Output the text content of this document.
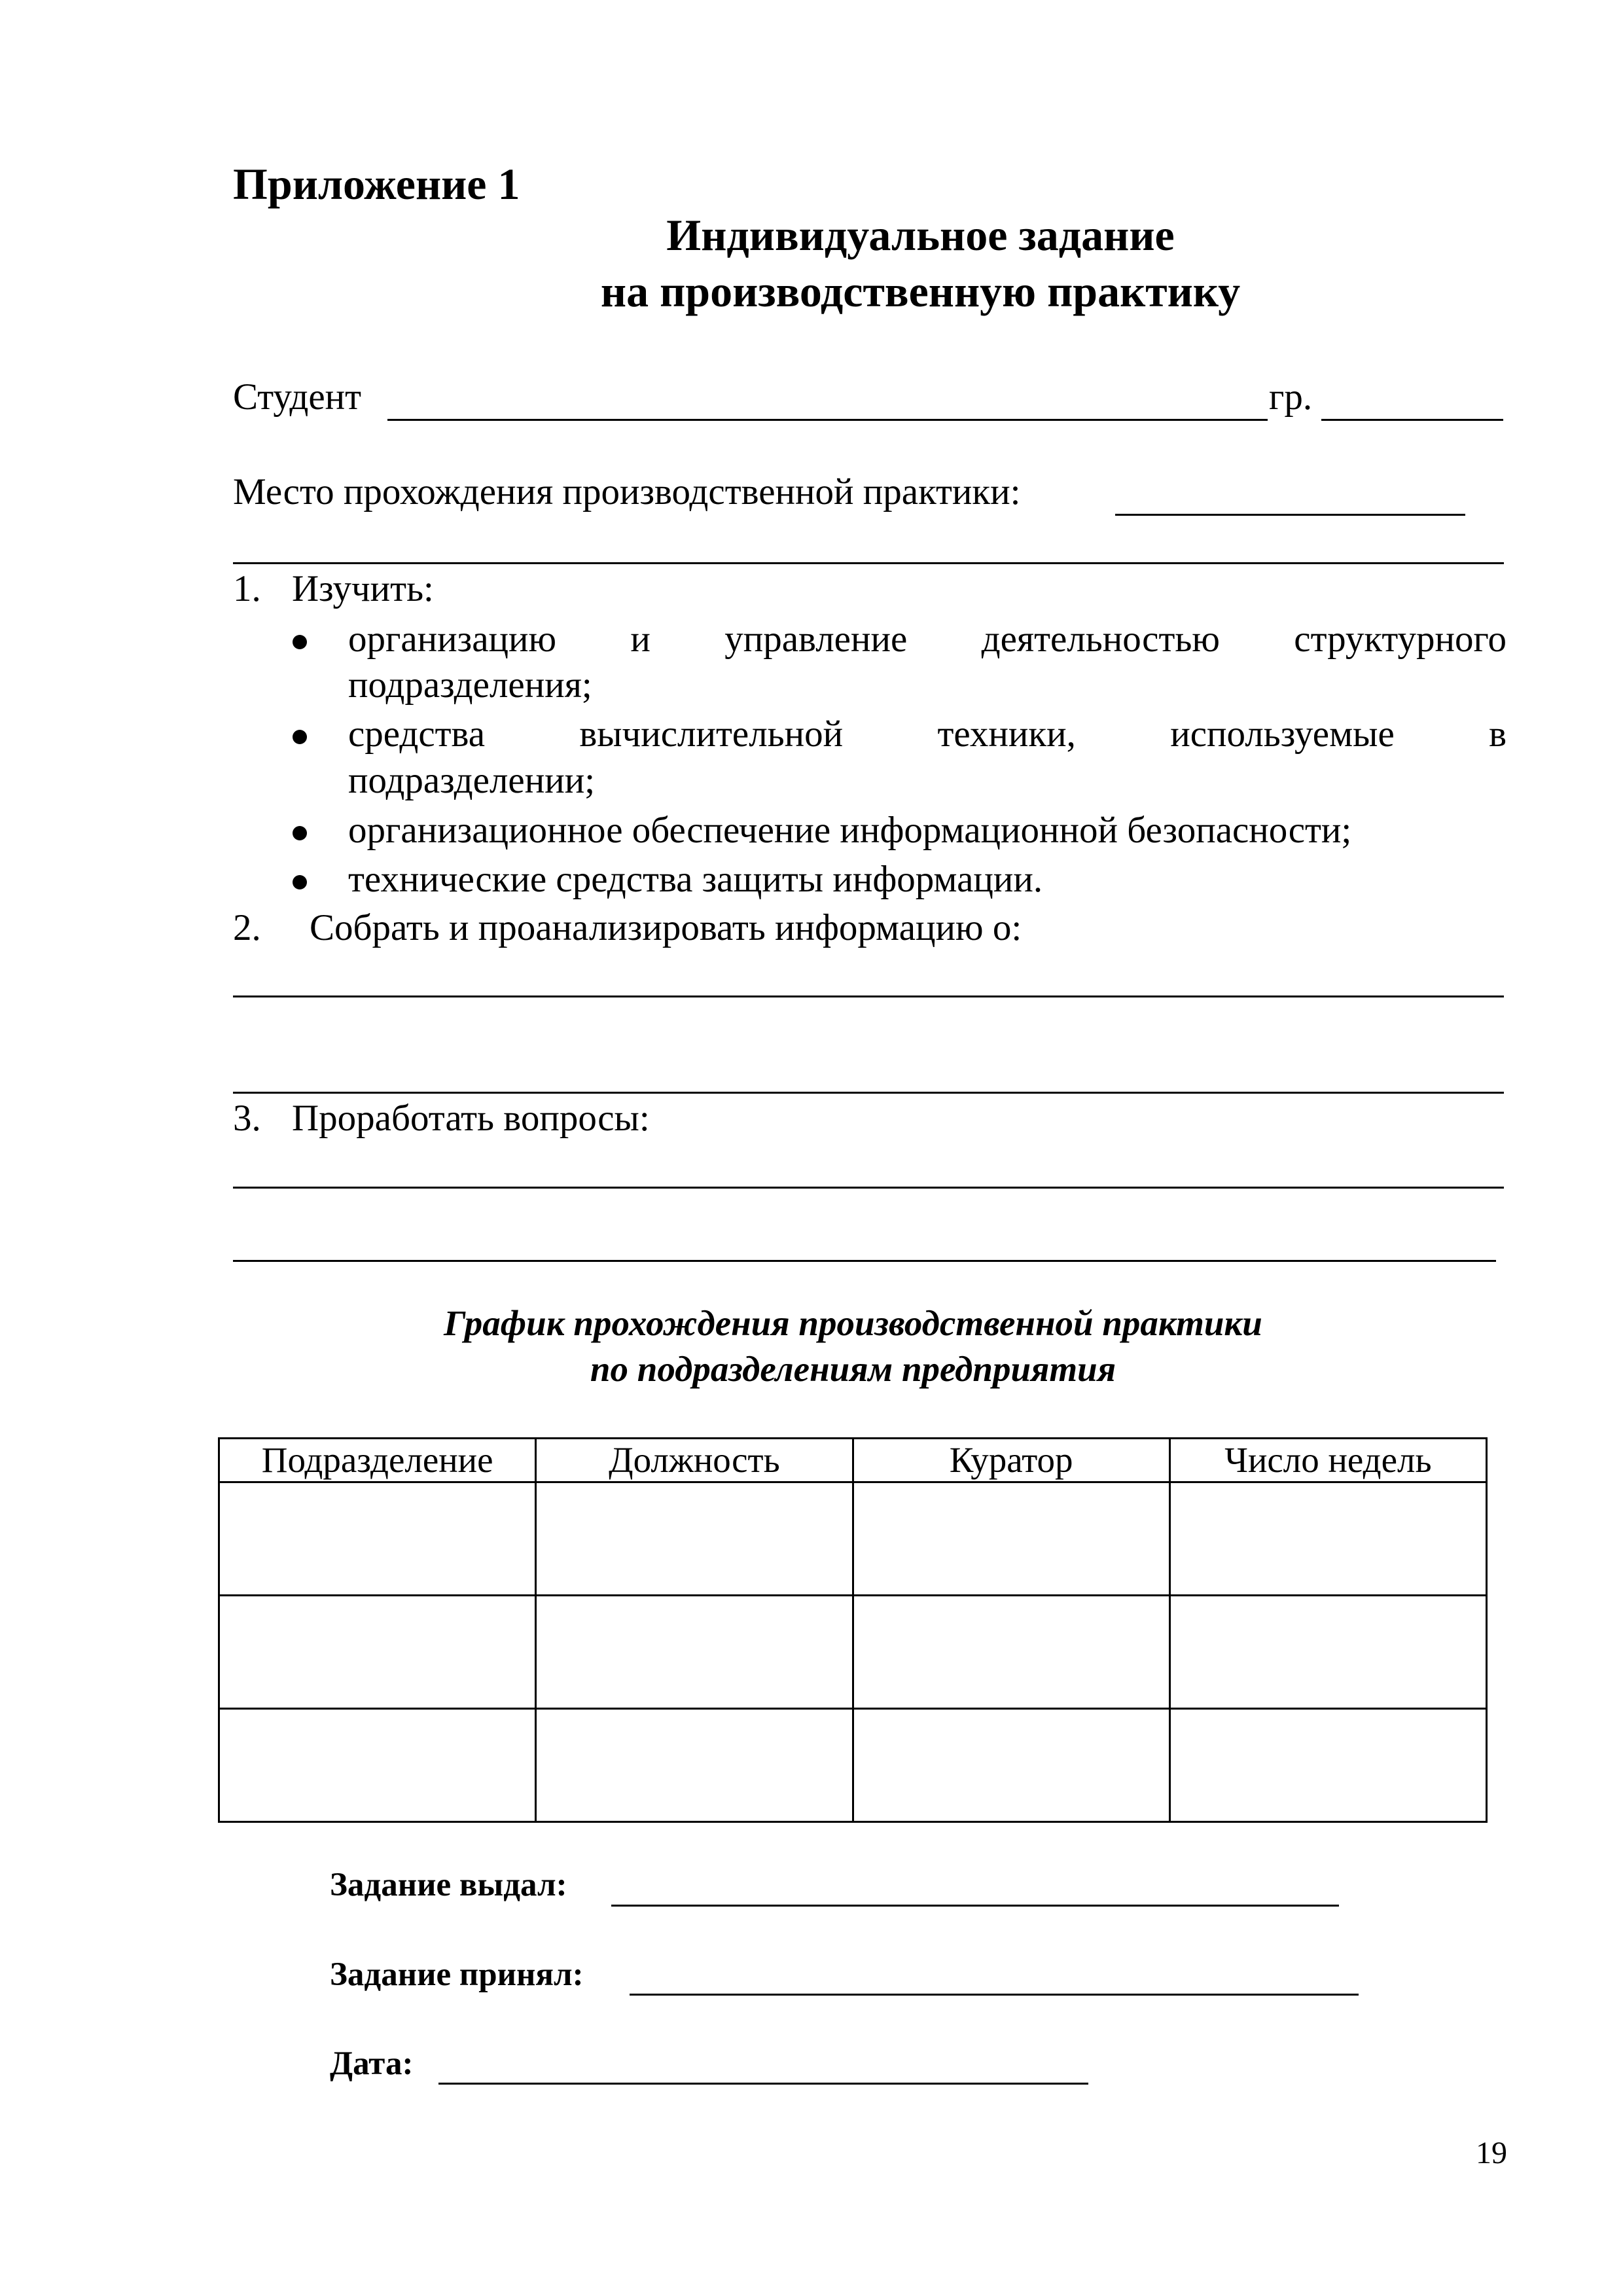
Приложение 1
Индивидуальное задание
на производственную практику
Студент	гр.
Место прохождения производственной практики:
1. Изучить:
организацию и управление деятельностью структурного
подразделения;
средства вычислительной техники, используемые в
подразделении;
организационное обеспечение информационной безопасности;
технические средства защиты информации.
2. Собрать и проанализировать информацию о:
3. Проработать вопросы:
График прохождения производственной практики
по подразделениям предприятия
Подразделение	Должность	Куратор	Число недель

Задание выдал:
Задание принял:
Дата:
19
